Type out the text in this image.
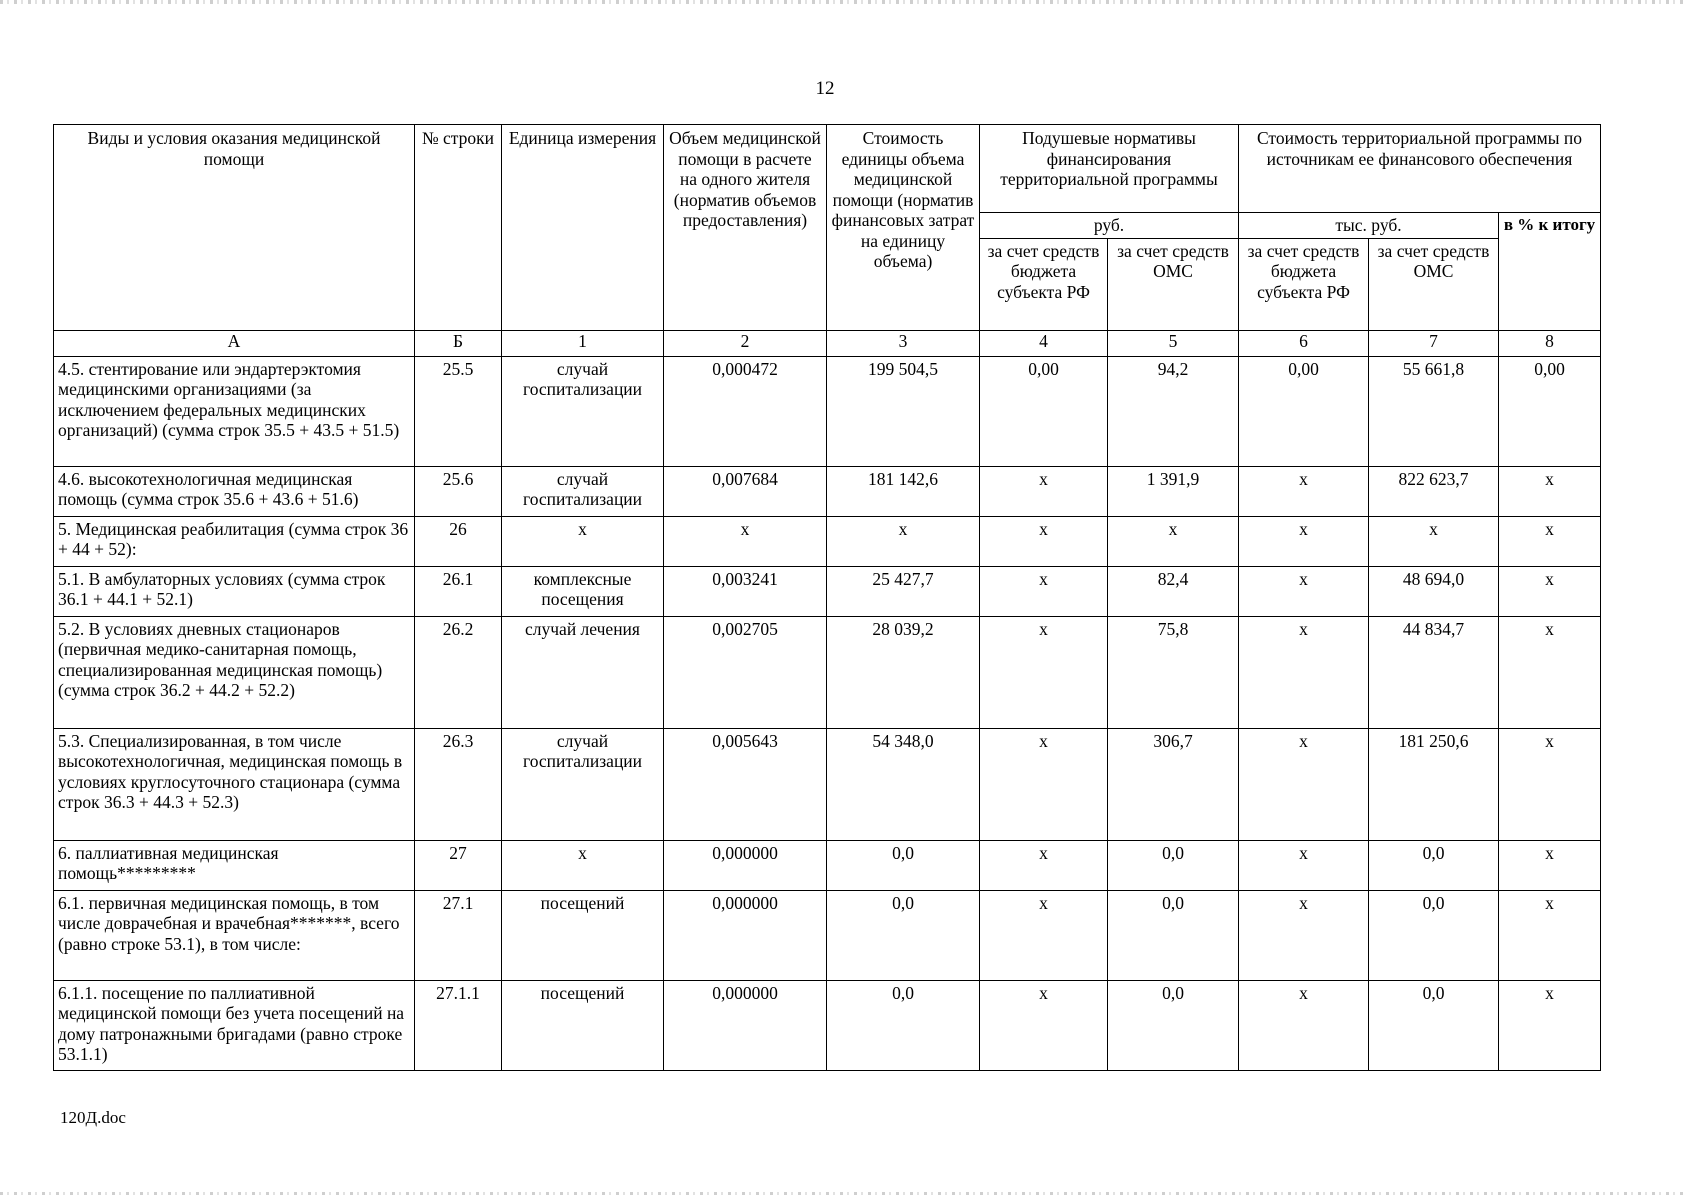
12
Виды и условия оказания медицинской помощи	№ строки	Единица измерения	Объем медицинской помощи в расчете на одного жителя (норматив объемов предоставления)	Стоимость единицы объема медицинской помощи (норматив финансовых затрат на единицу объема)	Подушевые нормативы финансирования территориальной программы		Стоимость территориальной программы по источникам ее финансового обеспечения		
					руб.		тыс. руб.		в % к итогу
					за счет средств бюджета субъекта РФ	за счет средств ОМС	за счет средств бюджета субъекта РФ	за счет средств ОМС	
А	Б	1	2	3	4	5	6	7	8
4.5. стентирование или эндартерэктомия медицинскими организациями (за исключением федеральных медицинских организаций) (сумма строк 35.5 + 43.5 + 51.5)	25.5	случай госпитализации	0,000472	199 504,5	0,00	94,2	0,00	55 661,8	0,00
4.6. высокотехнологичная медицинская помощь (сумма строк 35.6 + 43.6 + 51.6)	25.6	случай госпитализации	0,007684	181 142,6	х	1 391,9	х	822 623,7	х
5. Медицинская реабилитация (сумма строк 36 + 44 + 52):	26	х	х	х	х	х	х	х	х
5.1. В амбулаторных условиях (сумма строк 36.1 + 44.1 + 52.1)	26.1	комплексные посещения	0,003241	25 427,7	х	82,4	х	48 694,0	х
5.2. В условиях дневных стационаров (первичная медико-санитарная помощь, специализированная медицинская помощь) (сумма строк 36.2 + 44.2 + 52.2)	26.2	случай лечения	0,002705	28 039,2	х	75,8	х	44 834,7	х
5.3. Специализированная, в том числе высокотехнологичная, медицинская помощь в условиях круглосуточного стационара (сумма строк 36.3 + 44.3 + 52.3)	26.3	случай госпитализации	0,005643	54 348,0	х	306,7	х	181 250,6	х
6. паллиативная медицинская помощь*********	27	х	0,000000	0,0	х	0,0	х	0,0	х
6.1. первичная медицинская помощь, в том числе доврачебная и врачебная*******, всего (равно строке 53.1), в том числе:	27.1	посещений	0,000000	0,0	х	0,0	х	0,0	х
6.1.1. посещение по паллиативной медицинской помощи без учета посещений на дому патронажными бригадами (равно строке 53.1.1)	27.1.1	посещений	0,000000	0,0	х	0,0	х	0,0	х
120Д.doc
